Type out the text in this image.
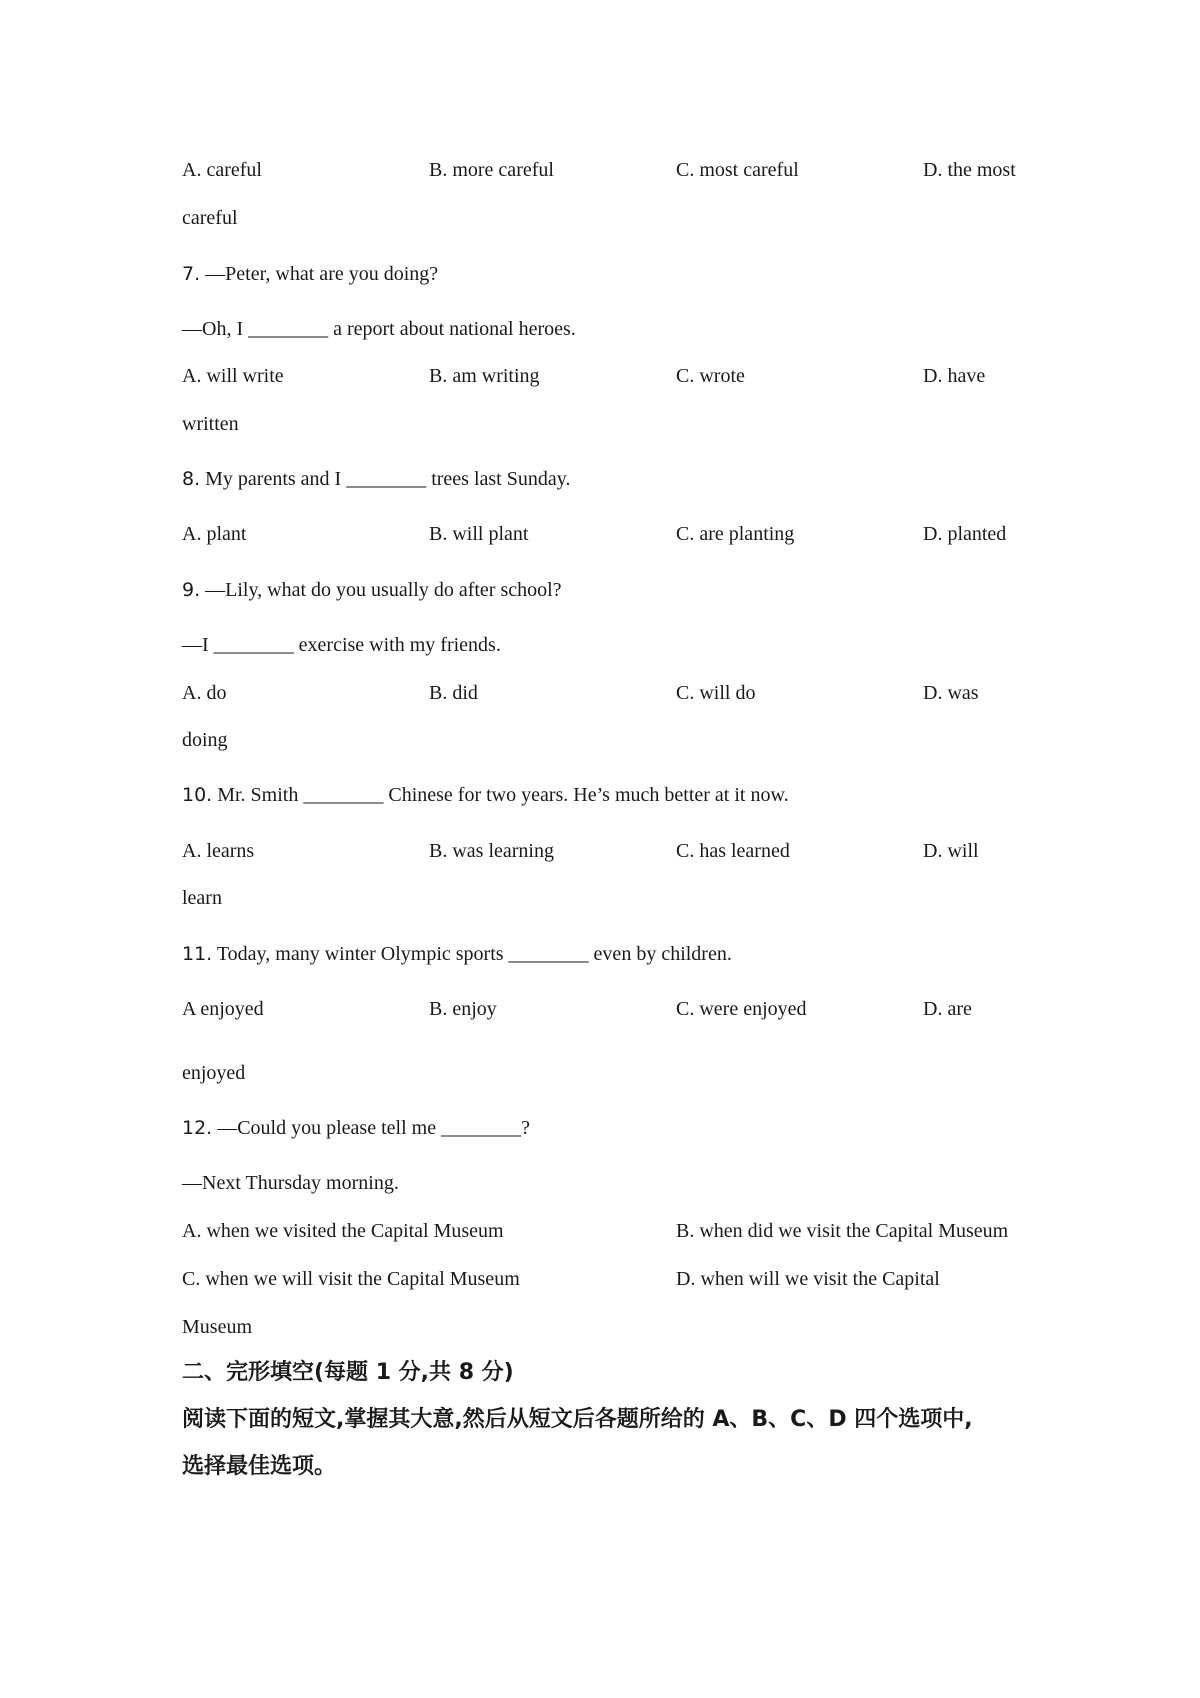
A. careful	B. more careful	C. most careful	D. the most
careful
7. —Peter, what are you doing?
—Oh, I ________ a report about national heroes.
A. will write	B. am writing	C. wrote	D. have
written
8. My parents and I ________ trees last Sunday.
A. plant	B. will plant	C. are planting	D. planted
9. —Lily, what do you usually do after school?
—I ________ exercise with my friends.
A. do	B. did	C. will do	D. was
doing
10. Mr. Smith ________ Chinese for two years. He’s much better at it now.
A. learns	B. was learning	C. has learned	D. will
learn
11. Today, many winter Olympic sports ________ even by children.
A enjoyed	B. enjoy	C. were enjoyed	D. are
enjoyed
12. —Could you please tell me ________?
—Next Thursday morning.
A. when we visited the Capital Museum	B. when did we visit the Capital Museum
C. when we will visit the Capital Museum	D. when will we visit the Capital
Museum
二、完形填空(每题 1 分,共 8 分)
阅读下面的短文,掌握其大意,然后从短文后各题所给的 A、B、C、D 四个选项中,
选择最佳选项。
